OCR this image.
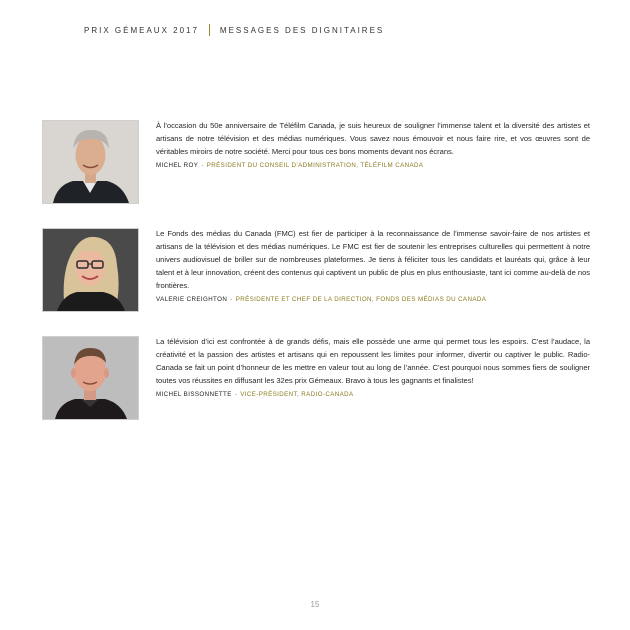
PRIX GÉMEAUX 2017	MESSAGES DES DIGNITAIRES

À l’occasion du 50e anniversaire de Téléfilm Canada, je suis heureux de souligner l’immense talent et la diversité des artistes et artisans de notre télévision et des médias numériques. Vous savez nous émouvoir et nous faire rire, et vos œuvres sont de véritables miroirs de notre société. Merci pour tous ces bons moments devant nos écrans.

MICHEL ROY - PRÉSIDENT DU CONSEIL D’ADMINISTRATION, TÉLÉFILM CANADA

Le Fonds des médias du Canada (FMC) est fier de participer à la reconnaissance de l’immense savoir-faire de nos artistes et artisans de la télévision et des médias numériques. Le FMC est fier de soutenir les entreprises culturelles qui permettent à notre univers audiovisuel de briller sur de nombreuses plateformes. Je tiens à féliciter tous les candidats et lauréats qui, grâce à leur talent et à leur innovation, créent des contenus qui captivent un public de plus en plus enthousiaste, tant ici comme au-delà de nos frontières.

VALERIE CREIGHTON - PRÉSIDENTE ET CHEF DE LA DIRECTION, FONDS DES MÉDIAS DU CANADA

La télévision d’ici est confrontée à de grands défis, mais elle possède une arme qui permet tous les espoirs. C’est l’audace, la créativité et la passion des artistes et artisans qui en repoussent les limites pour informer, divertir ou captiver le public. Radio-Canada se fait un point d’honneur de les mettre en valeur tout au long de l’année. C’est pourquoi nous sommes fiers de souligner toutes vos réussites en diffusant les 32es prix Gémeaux. Bravo à tous les gagnants et finalistes!

MICHEL BISSONNETTE - VICE-PRÉSIDENT, RADIO-CANADA
15
